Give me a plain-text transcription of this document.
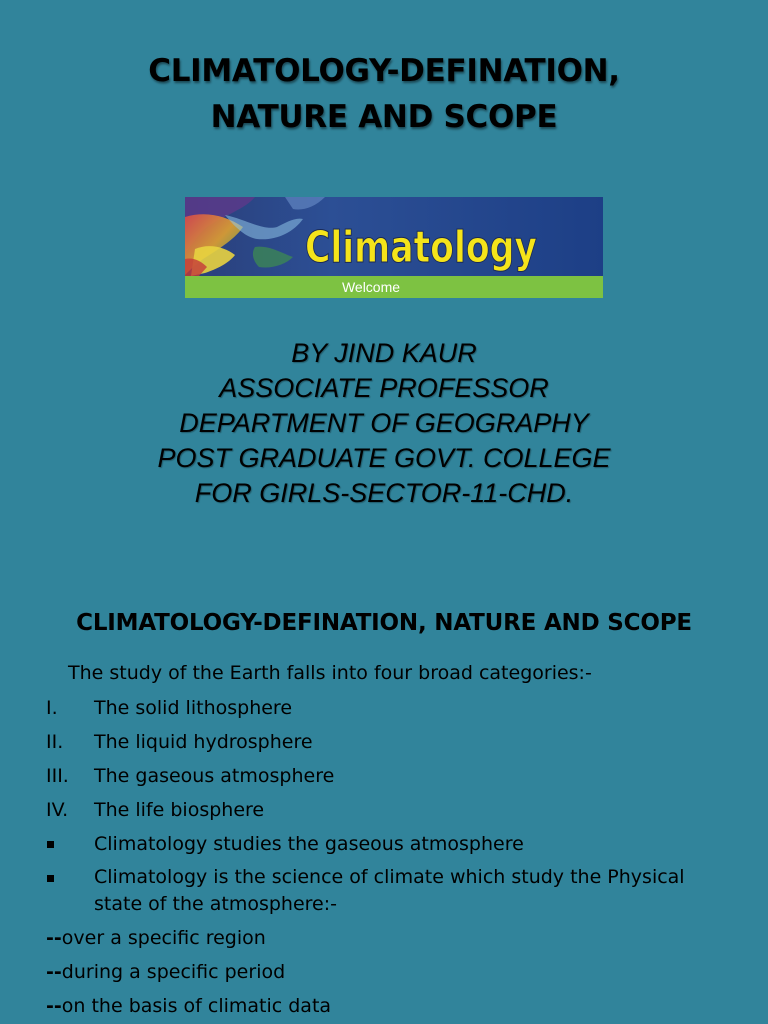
CLIMATOLOGY-DEFINATION,
NATURE AND SCOPE
Climatology
Welcome
BY JIND KAUR
ASSOCIATE PROFESSOR
DEPARTMENT OF GEOGRAPHY
POST GRADUATE GOVT. COLLEGE
FOR GIRLS-SECTOR-11-CHD.
CLIMATOLOGY-DEFINATION, NATURE AND SCOPE
The study of the Earth falls into four broad categories:-
I. The solid lithosphere
II. The liquid hydrosphere
III. The gaseous atmosphere
IV. The life biosphere
Climatology studies the gaseous atmosphere
Climatology is the science of climate which study the Physical
state of the atmosphere:-
--over a specific region
--during a specific period
--on the basis of climatic data
